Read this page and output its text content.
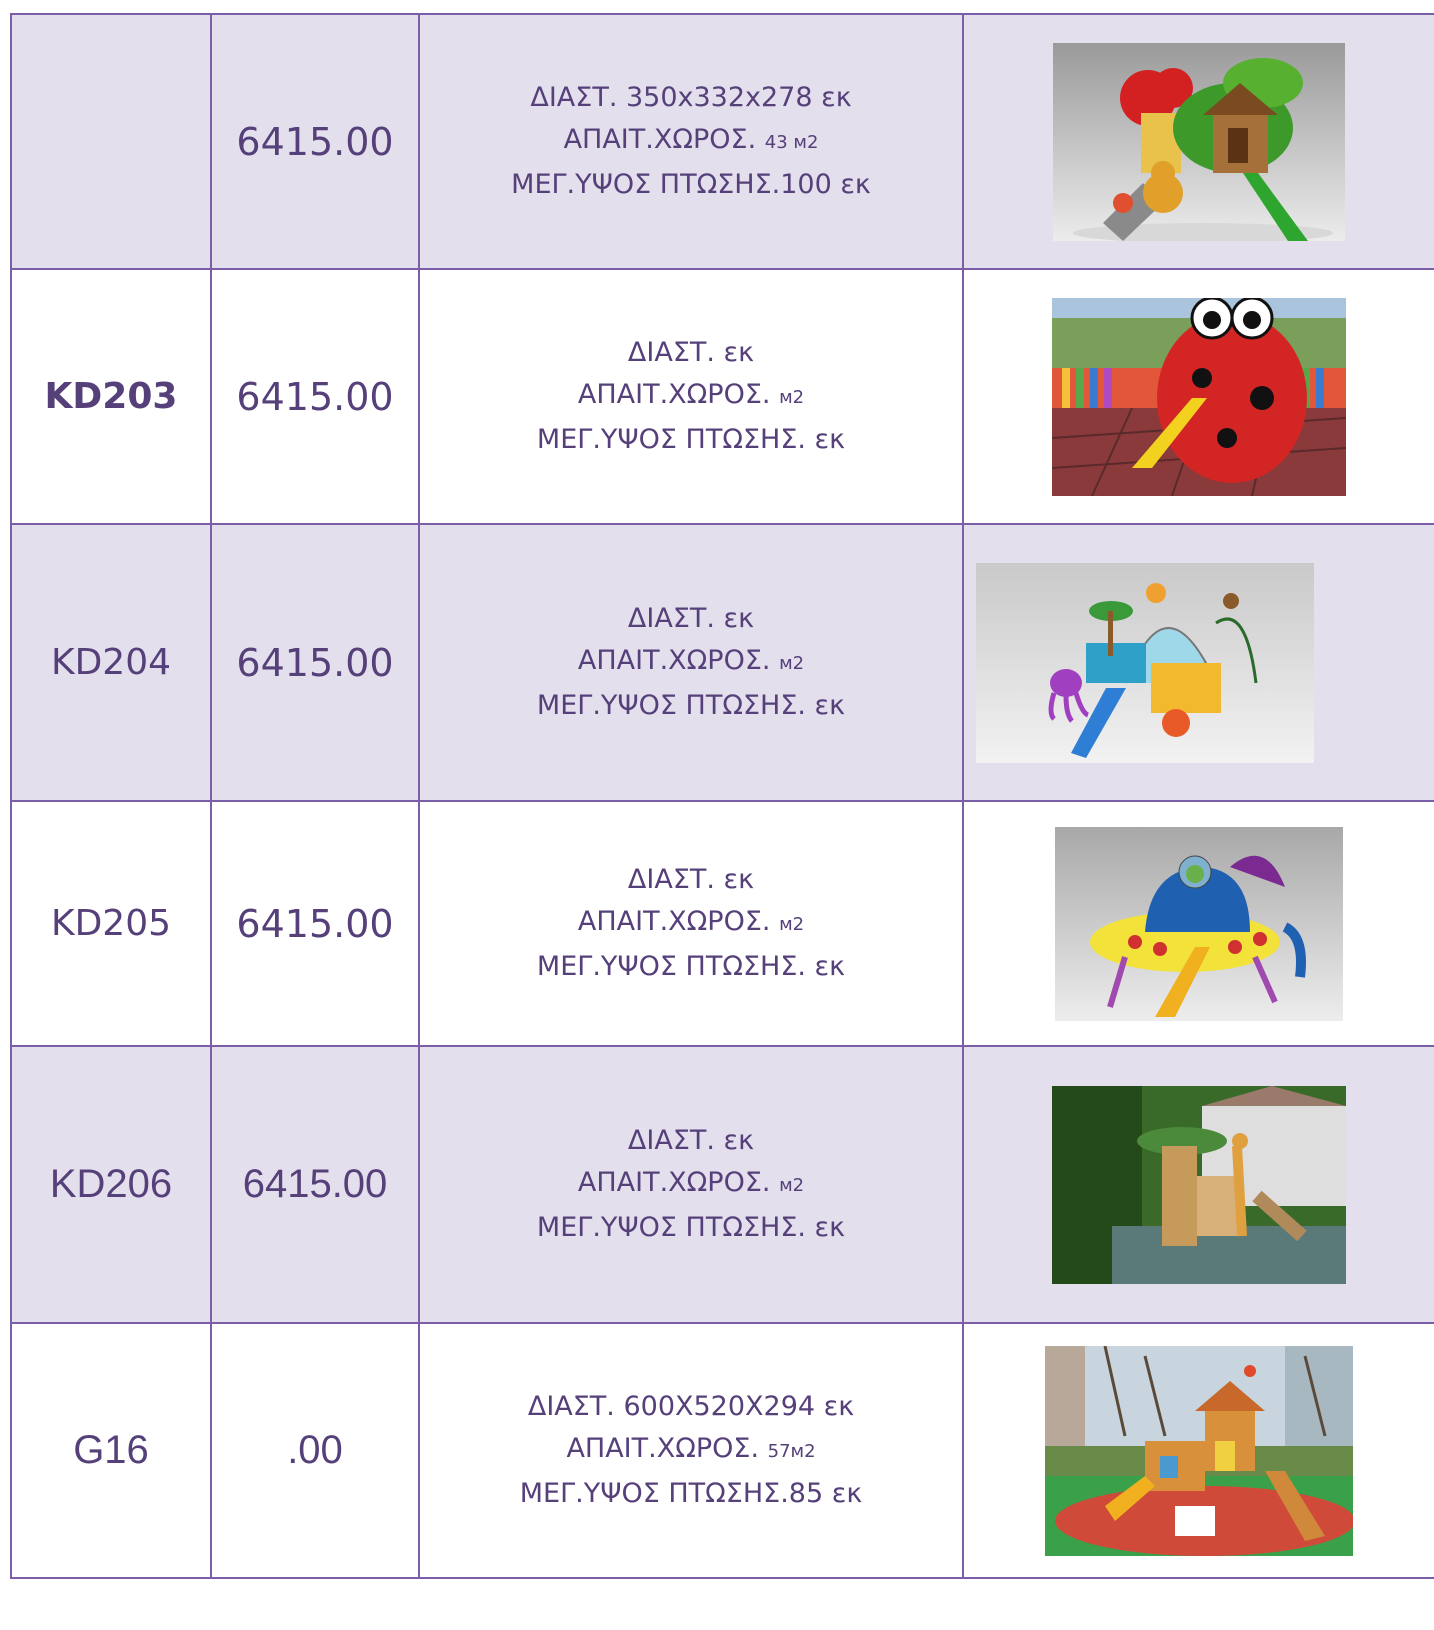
	6415.00	ΔΙΑΣΤ. 350x332x278 εκ
ΑΠΑΙΤ.ΧΩΡΟΣ. 43 м2
ΜΕΓ.ΥΨΟΣ ΠΤΩΣΗΣ.100 εκ

KD203	6415.00	ΔΙΑΣΤ. εκ
ΑΠΑΙΤ.ΧΩΡΟΣ. м2
ΜΕΓ.ΥΨΟΣ ΠΤΩΣΗΣ. εκ

KD204	6415.00	ΔΙΑΣΤ. εκ
ΑΠΑΙΤ.ΧΩΡΟΣ. м2
ΜΕΓ.ΥΨΟΣ ΠΤΩΣΗΣ. εκ

KD205	6415.00	ΔΙΑΣΤ. εκ
ΑΠΑΙΤ.ΧΩΡΟΣ. м2
ΜΕΓ.ΥΨΟΣ ΠΤΩΣΗΣ. εκ

KD206	6415.00	ΔΙΑΣΤ. εκ
ΑΠΑΙΤ.ΧΩΡΟΣ. м2
ΜΕΓ.ΥΨΟΣ ΠΤΩΣΗΣ. εκ

G16	.00	ΔΙΑΣΤ. 600X520X294 εκ
ΑΠΑΙΤ.ΧΩΡΟΣ. 57м2
ΜΕΓ.ΥΨΟΣ ΠΤΩΣΗΣ.85 εκ
